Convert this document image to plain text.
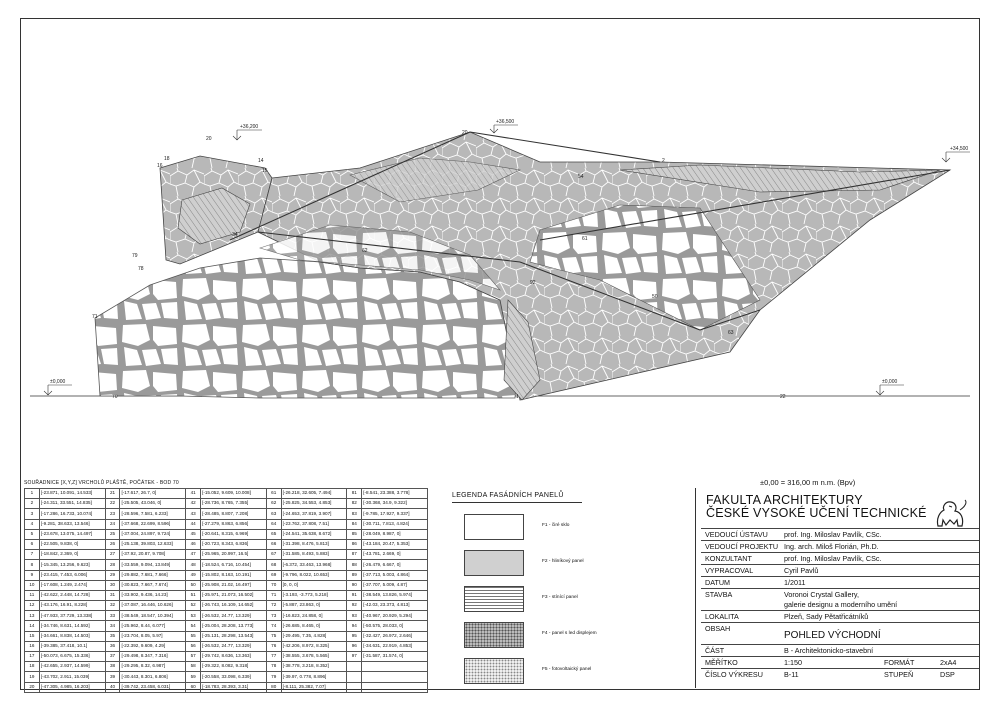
+36,500
+36,200
+34,500
±0,000	±0,000
20
20
14
15
16
78
79
18
34
2
54
62
61
50
63
22
70
71
1
92
SOUŘADNICE [X,Y,Z] VRCHOLŮ PLÁŠTĚ, POČÁTEK - BOD 70
1	[-23.871, 10.091, 14.533]	21	[-17.617, 26.7, 0]	41	[-15.052, 9.609, 10.008]	61	[-26.218, 32.605, 7.494]	81	[-8.541, 23.388, 3.778]
2	[-24.311, 33.551, 14.835]	22	[-25.505, 43.046, 0]	42	[-28.736, 8.765, 7.355]	62	[-25.825, 34.553, 4.853]	82	[-30.368, 34.9, 9.322]
3	[-17.286, 16.733, 10.074]	23	[-28.596, 7.581, 6.233]	43	[-28.485, 8.807, 7.208]	63	[-24.653, 37.819, 3.907]	83	[-9.785, 17.927, 9.337]
4	[-9.281, 38.633, 13.546]	24	[-37.668, 22.699, 8.596]	44	[-27.279, 8.863, 6.856]	64	[-23.762, 37.808, 7.51]	84	[-30.711, 7.813, 4.824]
5	[-23.678, 13.075, 14.497]	25	[-37.004, 24.897, 9.724]	45	[-20.641, 8.315, 6.969]	65	[-24.541, 35.638, 8.672]	85	[-28.049, 8.987, 0]
6	[-22.505, 9.838, 0]	26	[-25.138, 39.803, 12.633]	46	[-20.723, 8.343, 6.836]	66	[-31.398, 8.476, 5.813]	86	[-43.184, 20.47, 5.353]
7	[-18.842, 2.369, 0]	27	[-37.92, 20.87, 9.708]	47	[-25.965, 20.997, 16.5]	67	[-31.585, 8.493, 5.883]	87	[-43.781, 2.669, 0]
8	[-15.345, 13.256, 9.623]	28	[-33.559, 9.094, 13.849]	48	[-18.524, 6.716, 10.454]	68	[-6.372, 33.463, 13.968]	88	[-26.479, 6.667, 0]
9	[-23.415, 7.453, 6.006]	29	[-29.882, 7.681, 7.666]	49	[-15.802, 8.163, 10.191]	69	[-9.796, 8.022, 10.653]	89	[-37.713, 5.003, 4.864]
10	[-17.608, 1.249, 2.474]	30	[-30.823, 7.667, 7.674]	50	[-25.908, 21.02, 16.497]	70	[0, 0, 0]	90	[-37.707, 5.009, 4.87]
11	[-42.622, 2.448, 14.728]	31	[-33.902, 9.436, 14.23]	51	[-25.971, 21.073, 16.502]	71	[-3.193, -3.773, 5.218]	91	[-38.549, 13.826, 5.974]
12	[-43.176, 16.91, 8.228]	32	[-37.087, 16.446, 10.626]	52	[-26.743, 16.109, 14.652]	72	[-5.887, 23.863, 0]	92	[-42.03, 23.373, 4.813]
13	[-47.933, 37.729, 13.338]	33	[-38.549, 18.547, 10.394]	53	[-26.532, 24.77, 13.329]	73	[-16.823, 24.858, 0]	93	[-40.967, 20.929, 5.294]
14	[-34.746, 8.631, 14.592]	34	[-25.962, 8.44, 6.077]	54	[-25.004, 28.208, 13.773]	74	[-26.685, 8.465, 0]	94	[-50.575, 28.033, 0]
15	[-34.661, 8.838, 14.503]	35	[-23.704, 8.05, 5.97]	55	[-25.131, 28.298, 13.543]	75	[-29.495, 7.35, 4.828]	95	[-32.427, 26.972, 2.646]
16	[-39.385, 37.418, 10.1]	36	[-22.392, 9.609, 4.29]	56	[-26.532, 24.77, 13.329]	76	[-42.206, 8.972, 8.325]	96	[-34.631, 22.919, 4.853]
17	[-50.073, 6.675, 15.336]	37	[-29.498, 8.347, 7.316]	57	[-29.742, 8.636, 13.363]	77	[-38.555, 3.678, 5.565]	97	[-31.587, 31.574, 0]
18	[-42.655, 2.937, 14.599]	38	[-29.295, 8.32, 6.987]	58	[-29.322, 8.082, 9.318]	78	[-38.778, 3.218, 8.352]		
19	[-43.702, 2.911, 15.039]	39	[-30.443, 8.301, 6.806]	59	[-20.558, 33.098, 6.339]	79	[-39.97, 0.778, 8.896]		
20	[-47.305, 4.985, 16.203]	40	[-39.742, 23.458, 6.031]	60	[-18.783, 28.393, 3.31]	80	[-8.111, 25.382, 7.07]		
±0,00 = 316,00 m n.m. (Bpv)
LEGENDA FASÁDNÍCH PANELŮ
F1 - čiré sklo
F2 - hliníkový panel
F3 - stínící panel
F4 - panel s led displejem
F5 - fotovoltaický panel
FAKULTA ARCHITEKTURY
ČESKÉ VYSOKÉ UČENÍ TECHNICKÉ
VEDOUCÍ ÚSTAVU prof. Ing. Miloslav Pavlík, CSc.
VEDOUCÍ PROJEKTU Ing. arch. Miloš Florián, Ph.D.
KONZULTANT	prof. Ing. Miloslav Pavlík, CSc.
VYPRACOVAL	Cyril Pavlů
DATUM	1/2011
STAVBA	Voronoi Crystal Gallery,
galerie designu a moderního umění
LOKALITA	Plzeň, Sady Pětatřicátníků
OBSAH
POHLED VÝCHODNÍ
ČÁST	B - Architektonicko-stavební
MĚŘÍTKO	1:150	FORMÁT	2xA4
ČÍSLO VÝKRESU	B-11	STUPEŇ	DSP
